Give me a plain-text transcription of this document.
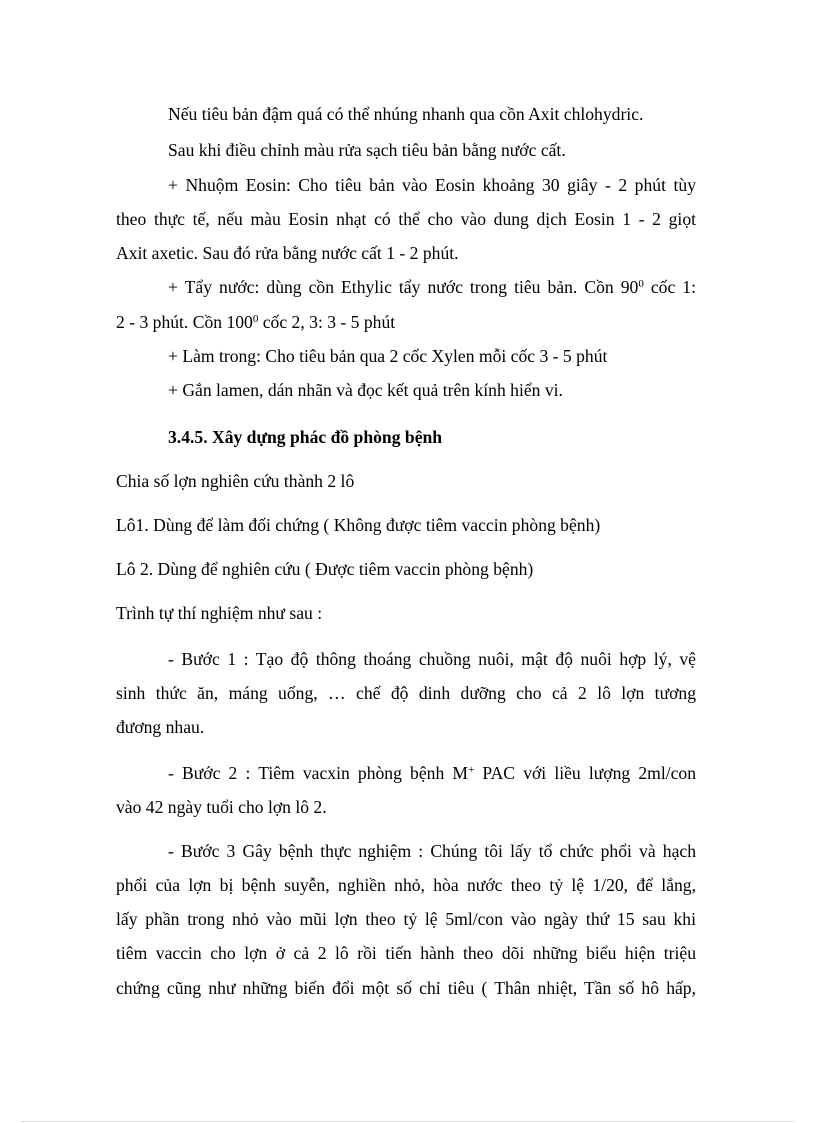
Nếu tiêu bản đậm quá có thể nhúng nhanh qua cồn Axit chlohydric.

Sau khi điều chỉnh màu rửa sạch tiêu bản bằng nước cất.

+ Nhuộm Eosin: Cho tiêu bản vào Eosin khoảng 30 giây - 2 phút tùy

theo thực tế, nếu màu Eosin nhạt có thể cho vào dung dịch Eosin 1 - 2 giọt

Axit axetic. Sau đó rửa bằng nước cất 1 - 2 phút.

+ Tẩy nước: dùng cồn Ethylic tẩy nước trong tiêu bản. Cồn $90^0$ cốc 1:

2 - 3 phút. Cồn $100^0$ cốc 2, 3: 3 - 5 phút

+ Làm trong: Cho tiêu bản qua 2 cốc Xylen mỗi cốc 3 - 5 phút

+ Gắn lamen, dán nhãn và đọc kết quả trên kính hiển vi.

3.4.5. Xây dựng phác đồ phòng bệnh

Chia số lợn nghiên cứu thành 2 lô

Lô1. Dùng để làm đối chứng ( Không được tiêm vaccin phòng bệnh)

Lô 2. Dùng để nghiên cứu ( Được tiêm vaccin phòng bệnh)

Trình tự thí nghiệm như sau :

- Bước 1 : Tạo độ thông thoáng chuồng nuôi, mật độ nuôi hợp lý, vệ

sinh thức ăn, máng uống, … chế độ dinh dưỡng cho cả 2 lô lợn tương

đương nhau.

- Bước 2 : Tiêm vacxin phòng bệnh M+ PAC với liều lượng 2ml/con

vào 42 ngày tuổi cho lợn lô 2.

- Bước 3 Gây bệnh thực nghiệm : Chúng tôi lấy tổ chức phổi và hạch

phổi của lợn bị bệnh suyễn, nghiền nhỏ, hòa nước theo tỷ lệ 1/20, để lắng,

lấy phần trong nhỏ vào mũi lợn theo tỷ lệ 5ml/con vào ngày thứ 15 sau khi

tiêm vaccin cho lợn ở cả 2 lô rồi tiến hành theo dõi những biểu hiện triệu

chứng cũng như những biến đổi một số chỉ tiêu ( Thân nhiệt, Tần số hô hấp,
